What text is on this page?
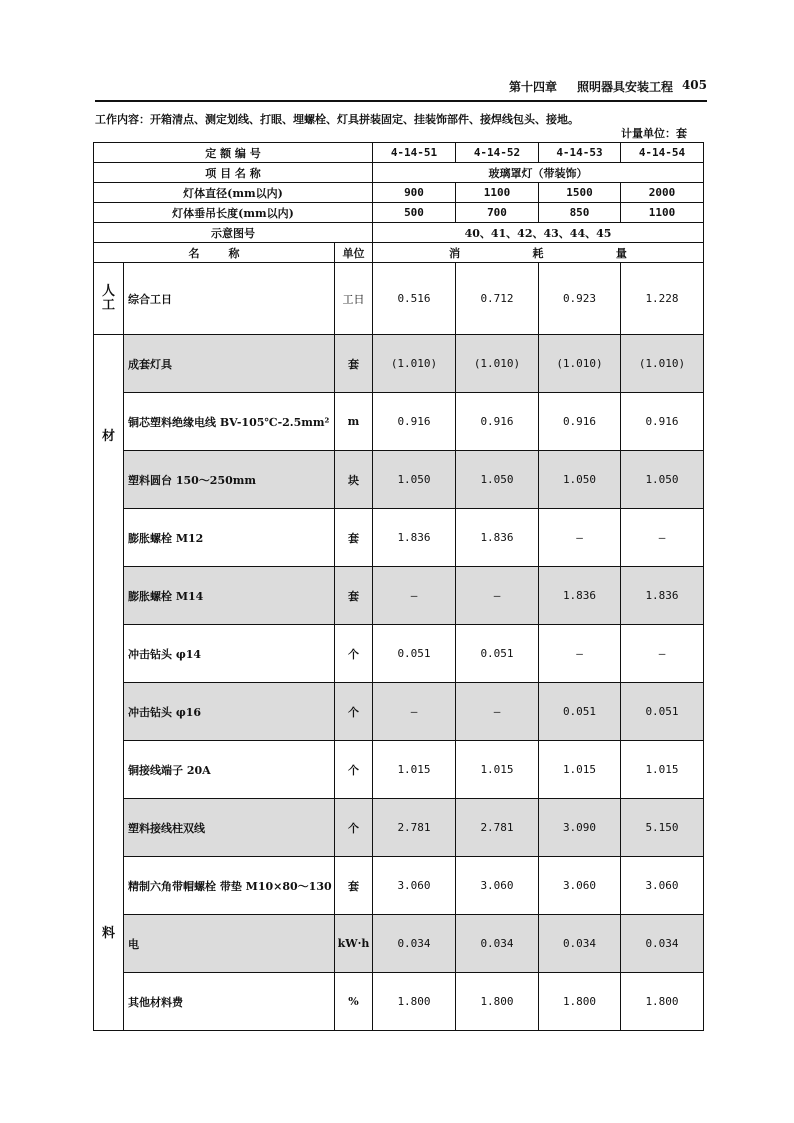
第十四章 照明器具安装工程 405
工作内容： 开箱清点、测定划线、打眼、埋螺栓、灯具拼装固定、挂装饰部件、接焊线包头、接地。
计量单位：套
定 额 编 号			4-14-51	4-14-52	4-14-53	4-14-54
项 目 名 称			玻璃罩灯（带装饰）			
灯体直径(mm以内)			900	1100	1500	2000
灯体垂吊长度(mm以内)			500	700	850	1100
示意图号			40、41、42、43、44、45			

名 称		单位	消 耗 量			

人
工	综合工日	工日	0.516	0.712	0.923	1.228

材
料	成套灯具	套	(1.010)	(1.010)	(1.010)	(1.010)
	铜芯塑料绝缘电线 BV-105℃-2.5mm²	m	0.916	0.916	0.916	0.916
	塑料圆台 150～250mm	块	1.050	1.050	1.050	1.050
	膨胀螺栓 M12	套	1.836	1.836	—	—
	膨胀螺栓 M14	套	—	—	1.836	1.836
	冲击钻头 φ14	个	0.051	0.051	—	—
	冲击钻头 φ16	个	—	—	0.051	0.051
	铜接线端子 20A	个	1.015	1.015	1.015	1.015
	塑料接线柱双线	个	2.781	2.781	3.090	5.150
	精制六角带帽螺栓 带垫 M10×80～130	套	3.060	3.060	3.060	3.060
	电	kW·h	0.034	0.034	0.034	0.034
	其他材料费	%	1.800	1.800	1.800	1.800
